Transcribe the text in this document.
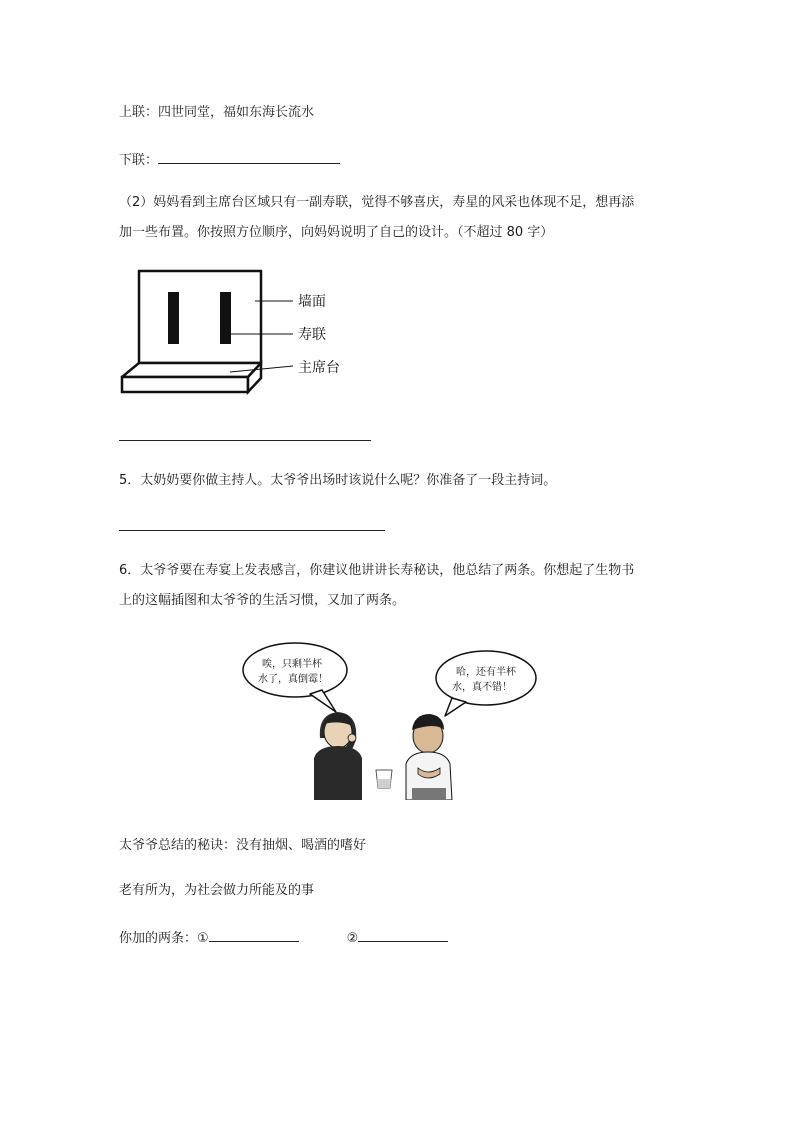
上联：四世同堂，福如东海长流水
下联：
（2）妈妈看到主席台区域只有一副寿联，觉得不够喜庆，寿星的风采也体现不足，想再添
加一些布置。你按照方位顺序，向妈妈说明了自己的设计。（不超过 80 字）
墙面
寿联
主席台
5．太奶奶要你做主持人。太爷爷出场时该说什么呢？你准备了一段主持词。
6．太爷爷要在寿宴上发表感言，你建议他讲讲长寿秘诀，他总结了两条。你想起了生物书
上的这幅插图和太爷爷的生活习惯，又加了两条。
唉，只剩半杯
水了，真倒霉！
哈，还有半杯
水，真不错！
太爷爷总结的秘诀：没有抽烟、喝酒的嗜好
老有所为，为社会做力所能及的事
你加的两条：①	②
